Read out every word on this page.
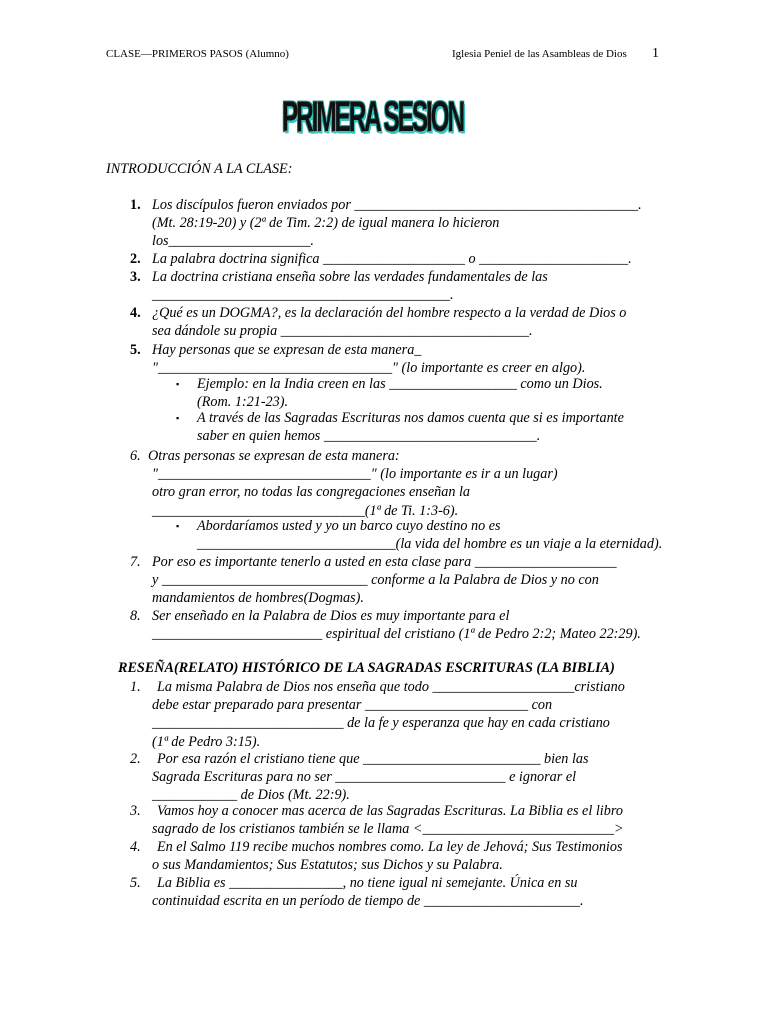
CLASE—PRIMEROS PASOS (Alumno)	Iglesia Peniel de las Asambleas de Dios 1
PRIMERA SESION
INTRODUCCIÓN A LA CLASE:
1. Los discípulos fueron enviados por ________________________________________.
(Mt. 28:19-20) y (2ª de Tim. 2:2) de igual manera lo hicieron
los____________________.
2. La palabra doctrina significa ____________________ o _____________________.
3. La doctrina cristiana enseña sobre las verdades fundamentales de las
__________________________________________.
4. ¿Qué es un DOGMA?, es la declaración del hombre respecto a la verdad de Dios o
sea dándole su propia ___________________________________.
5. Hay personas que se expresan de esta manera_
"_________________________________" (lo importante es creer en algo).
▪ Ejemplo: en la India creen en las __________________ como un Dios.
(Rom. 1:21-23).
▪ A través de las Sagradas Escrituras nos damos cuenta que si es importante
saber en quien hemos ______________________________.
6. Otras personas se expresan de esta manera:
"______________________________" (lo importante es ir a un lugar)
otro gran error, no todas las congregaciones enseñan la
______________________________(1ª de Ti. 1:3-6).
▪ Abordaríamos usted y yo un barco cuyo destino no es
____________________________(la vida del hombre es un viaje a la eternidad).
7. Por eso es importante tenerlo a usted en esta clase para ____________________
y _____________________________ conforme a la Palabra de Dios y no con
mandamientos de hombres(Dogmas).
8. Ser enseñado en la Palabra de Dios es muy importante para el
________________________ espiritual del cristiano (1ª de Pedro 2:2; Mateo 22:29).
RESEÑA(RELATO) HISTÓRICO DE LA SAGRADAS ESCRITURAS (LA BIBLIA)
1. La misma Palabra de Dios nos enseña que todo ____________________cristiano
debe estar preparado para presentar _______________________ con
___________________________ de la fe y esperanza que hay en cada cristiano
(1ª de Pedro 3:15).
2. Por esa razón el cristiano tiene que _________________________ bien las
Sagrada Escrituras para no ser ________________________ e ignorar el
____________ de Dios (Mt. 22:9).
3. Vamos hoy a conocer mas acerca de las Sagradas Escrituras. La Biblia es el libro
sagrado de los cristianos también se le llama <___________________________>
4. En el Salmo 119 recibe muchos nombres como. La ley de Jehová; Sus Testimonios
o sus Mandamientos; Sus Estatutos; sus Dichos y su Palabra.
5. La Biblia es ________________, no tiene igual ni semejante. Única en su
continuidad escrita en un período de tiempo de ______________________.
